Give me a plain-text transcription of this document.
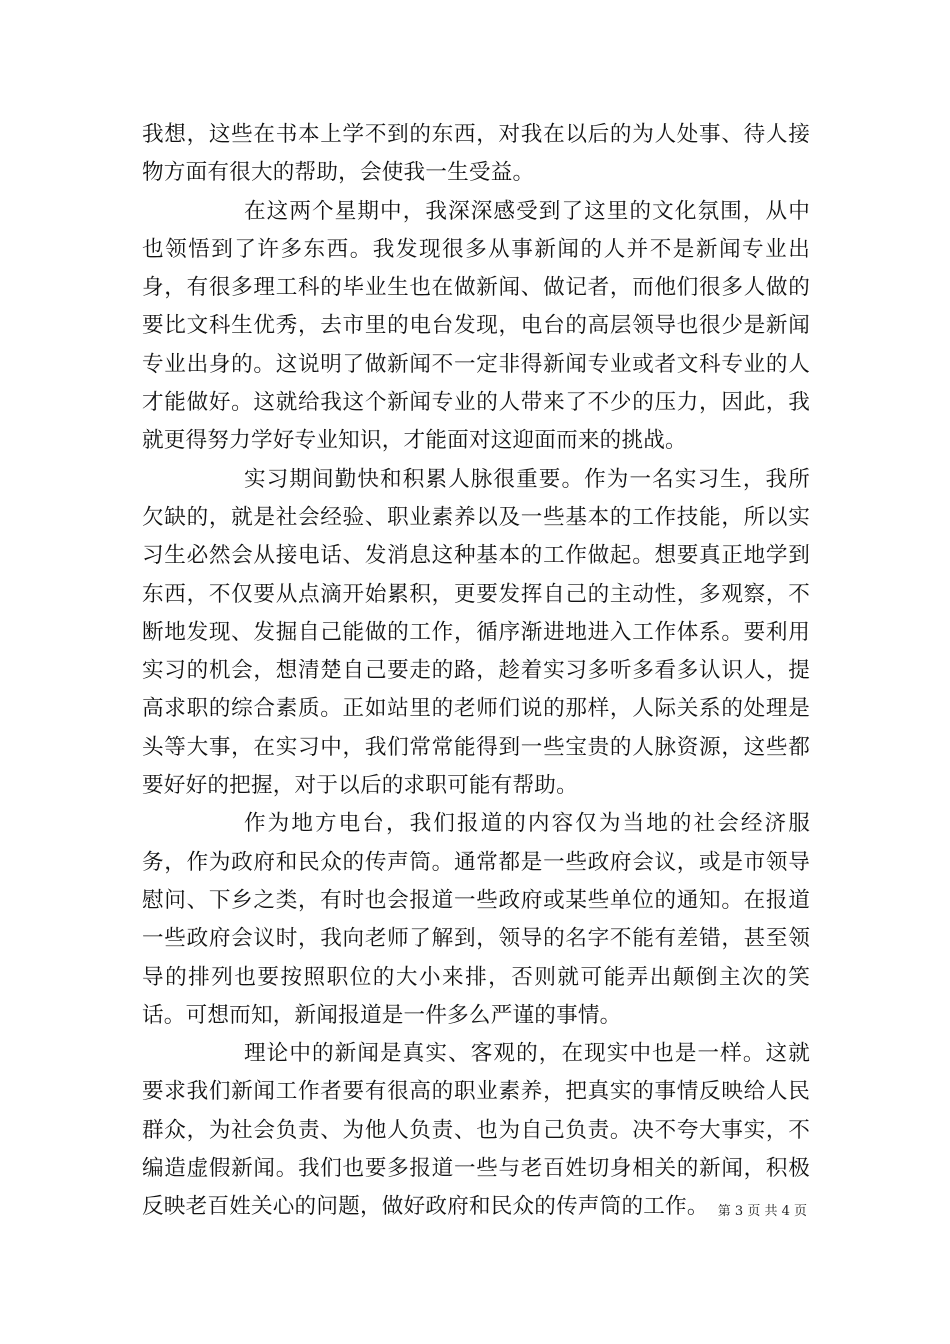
我想，这些在书本上学不到的东西，对我在以后的为人处事、待人接物方面有很大的帮助，会使我一生受益。

在这两个星期中，我深深感受到了这里的文化氛围，从中也领悟到了许多东西。我发现很多从事新闻的人并不是新闻专业出身，有很多理工科的毕业生也在做新闻、做记者，而他们很多人做的要比文科生优秀，去市里的电台发现，电台的高层领导也很少是新闻专业出身的。这说明了做新闻不一定非得新闻专业或者文科专业的人才能做好。这就给我这个新闻专业的人带来了不少的压力，因此，我就更得努力学好专业知识，才能面对这迎面而来的挑战。

实习期间勤快和积累人脉很重要。作为一名实习生，我所欠缺的，就是社会经验、职业素养以及一些基本的工作技能，所以实习生必然会从接电话、发消息这种基本的工作做起。想要真正地学到东西，不仅要从点滴开始累积，更要发挥自己的主动性，多观察，不断地发现、发掘自己能做的工作，循序渐进地进入工作体系。要利用实习的机会，想清楚自己要走的路，趁着实习多听多看多认识人，提高求职的综合素质。正如站里的老师们说的那样，人际关系的处理是头等大事，在实习中，我们常常能得到一些宝贵的人脉资源，这些都要好好的把握，对于以后的求职可能有帮助。

作为地方电台，我们报道的内容仅为当地的社会经济服务，作为政府和民众的传声筒。通常都是一些政府会议，或是市领导慰问、下乡之类，有时也会报道一些政府或某些单位的通知。在报道一些政府会议时，我向老师了解到，领导的名字不能有差错，甚至领导的排列也要按照职位的大小来排，否则就可能弄出颠倒主次的笑话。可想而知，新闻报道是一件多么严谨的事情。

理论中的新闻是真实、客观的，在现实中也是一样。这就要求我们新闻工作者要有很高的职业素养，把真实的事情反映给人民群众，为社会负责、为他人负责、也为自己负责。决不夸大事实，不编造虚假新闻。我们也要多报道一些与老百姓切身相关的新闻，积极反映老百姓关心的问题，做好政府和民众的传声筒的工作。 第 3 页 共 4 页
